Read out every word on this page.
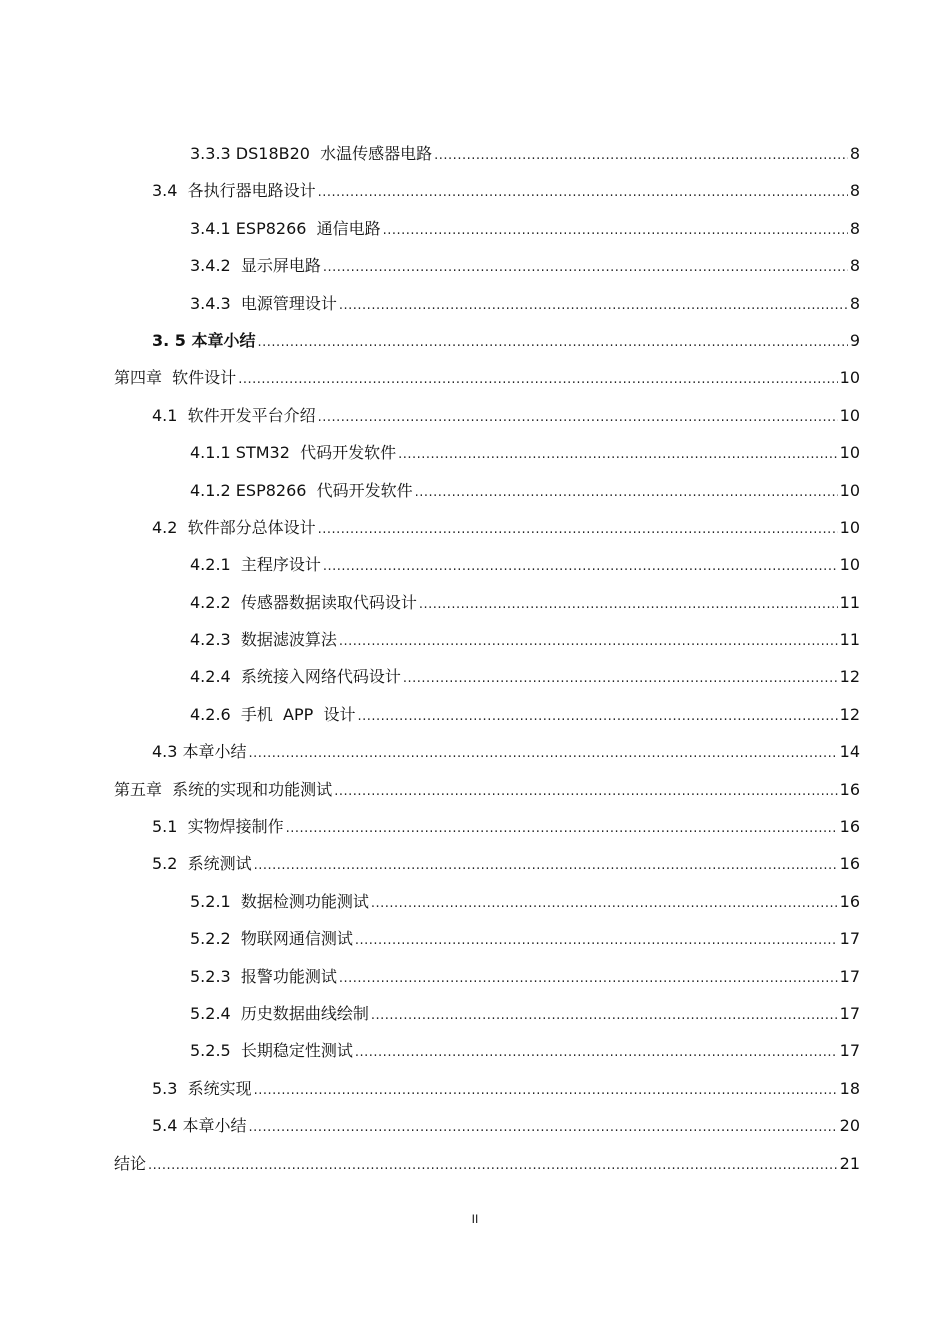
3.3.3 DS18B20  水温传感器电路 .....	8
3.4  各执行器电路设计 .....	8
3.4.1 ESP8266  通信电路 .....	8
3.4.2  显示屏电路 .....	8
3.4.3  电源管理设计 .....	8
3. 5 本章小结 .....	9
第四章  软件设计 .....	10
4.1  软件开发平台介绍 .....	10
4.1.1 STM32  代码开发软件 .....	10
4.1.2 ESP8266  代码开发软件 .....	10
4.2  软件部分总体设计 .....	10
4.2.1  主程序设计 .....	10
4.2.2  传感器数据读取代码设计 .....	11
4.2.3  数据滤波算法 .....	11
4.2.4  系统接入网络代码设计 .....	12
4.2.6  手机  APP  设计 .....	12
4.3 本章小结 .....	14
第五章  系统的实现和功能测试 .....	16
5.1  实物焊接制作 .....	16
5.2  系统测试 .....	16
5.2.1  数据检测功能测试 .....	16
5.2.2  物联网通信测试 .....	17
5.2.3  报警功能测试 .....	17
5.2.4  历史数据曲线绘制 .....	17
5.2.5  长期稳定性测试 .....	17
5.3  系统实现 .....	18
5.4 本章小结 .....	20
结论 .....	21
II
